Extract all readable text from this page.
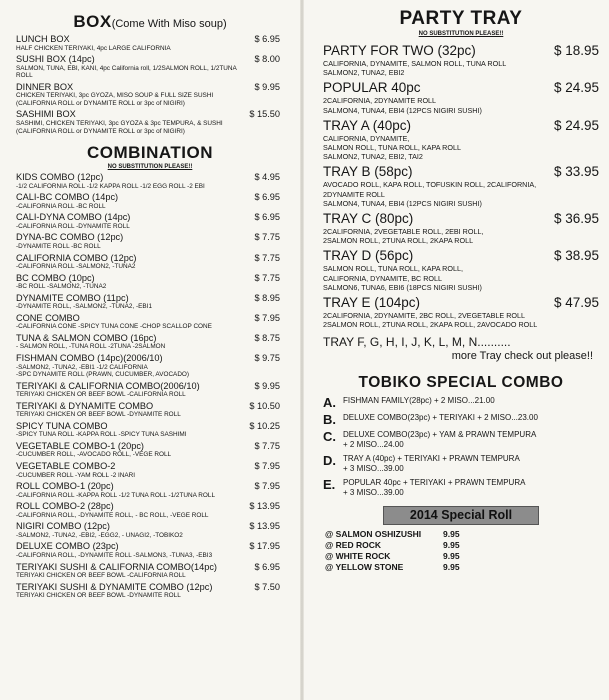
BOX(Come With Miso soup)
LUNCH BOX	$ 6.95
HALF CHICKEN TERIYAKI, 4pc LARGE CALIFORNIA
SUSHI BOX (14pc)	$ 8.00
SALMON, TUNA, EBI, KANI, 4pc California roll, 1/2SALMON ROLL, 1/2TUNA
ROLL
DINNER BOX	$ 9.95
CHICKEN TERIYAKI, 3pc GYOZA, MISO SOUP & FULL SIZE SUSHI
(CALIFORNIA ROLL or DYNAMITE ROLL or 3pc of NIGIRI)
SASHIMI BOX	$ 15.50
SASHIMI, CHICKEN TERIYAKI, 3pc GYOZA & 3pc TEMPURA, & SUSHI
(CALIFORNIA ROLL or DYNAMITE ROLL or 3pc of NIGIRI)
COMBINATION
NO SUBSTITUTION PLEASE!!
KIDS COMBO (12pc)	$ 4.95
-1/2 CALIFORNIA ROLL -1/2 KAPPA ROLL -1/2 EGG ROLL -2 EBI
CALI-BC COMBO (14pc)	$ 6.95
-CALIFORNIA ROLL -BC ROLL
CALI-DYNA COMBO (14pc)	$ 6.95
-CALIFORNIA ROLL -DYNAMITE ROLL
DYNA-BC COMBO (12pc)	$ 7.75
-DYNAMITE ROLL -BC ROLL
CALIFORNIA COMBO (12pc)	$ 7.75
-CALIFORNIA ROLL -SALMON2, -TUNA2
BC COMBO (10pc)	$ 7.75
-BC ROLL -SALMON2, -TUNA2
DYNAMITE COMBO (11pc)	$ 8.95
-DYNAMITE ROLL, -SALMON2, -TUNA2, -EBI1
CONE COMBO	$ 7.95
-CALIFORNIA CONE -SPICY TUNA CONE -CHOP SCALLOP CONE
TUNA & SALMON COMBO (16pc)	$ 8.75
- SALMON ROLL, -TUNA ROLL -2TUNA -2SALMON
FISHMAN COMBO (14pc)(2006/10)	$ 9.75
-SALMON2, -TUNA2, -EBI1 -1/2 CALIFORNIA
-SPC DYNAMITE ROLL (PRAWN, CUCUMBER, AVOCADO)
TERIYAKI & CALIFORNIA COMBO(2006/10)	$ 9.95
TERIYAKI CHICKEN OR BEEF BOWL -CALIFORNIA ROLL
TERIYAKI & DYNAMITE COMBO	$ 10.50
TERIYAKI CHICKEN OR BEEF BOWL -DYNAMITE ROLL
SPICY TUNA COMBO	$ 10.25
-SPICY TUNA ROLL -KAPPA ROLL -SPICY TUNA SASHIMI
VEGETABLE COMBO-1 (20pc)	$ 7.75
-CUCUMBER ROLL, -AVOCADO ROLL, -VEGE ROLL
VEGETABLE COMBO-2	$ 7.95
-CUCUMBER ROLL -YAM ROLL -2 INARI
ROLL COMBO-1 (20pc)	$ 7.95
-CALIFORNIA ROLL -KAPPA ROLL -1/2 TUNA ROLL -1/2TUNA ROLL
ROLL COMBO-2 (28pc)	$ 13.95
-CALIFORNIA ROLL, -DYNAMITE ROLL, - BC ROLL, -VEGE ROLL
NIGIRI COMBO (12pc)	$ 13.95
-SALMON2, -TUNA2, -EBI2, -EGG2, - UNAGI2, -TOBIKO2
DELUXE COMBO (23pc)	$ 17.95
-CALIFORNIA ROLL, -DYNAMITE ROLL -SALMON3, -TUNA3, -EBI3
TERIYAKI SUSHI & CALIFORNIA COMBO(14pc)	$ 6.95
TERIYAKI CHICKEN OR BEEF BOWL -CALIFORNIA ROLL
TERIYAKI SUSHI & DYNAMITE COMBO (12pc)	$ 7.50
TERIYAKI CHICKEN OR BEEF BOWL -DYNAMITE ROLL
PARTY TRAY
NO SUBSTITUTION PLEASE!!
PARTY FOR TWO (32pc)	$ 18.95
CALIFORNIA, DYNAMITE, SALMON ROLL, TUNA ROLL
SALMON2, TUNA2, EBI2
POPULAR 40pc	$ 24.95
2CALIFORNIA, 2DYNAMITE ROLL
SALMON4, TUNA4, EBI4 (12PCS NIGIRI SUSHI)
TRAY A (40pc)	$ 24.95
CALIFORNIA, DYNAMITE,
SALMON ROLL, TUNA ROLL, KAPA ROLL
SALMON2, TUNA2, EBI2, TAI2
TRAY B (58pc)	$ 33.95
AVOCADO ROLL, KAPA ROLL, TOFUSKIN ROLL, 2CALIFORNIA,
2DYNAMITE ROLL
SALMON4, TUNA4, EBI4 (12PCS NIGIRI SUSHI)
TRAY C (80pc)	$ 36.95
2CALIFORNIA, 2VEGETABLE ROLL, 2EBI ROLL,
2SALMON ROLL, 2TUNA ROLL, 2KAPA ROLL
TRAY D (56pc)	$ 38.95
SALMON ROLL, TUNA ROLL, KAPA ROLL,
CALIFORNIA, DYNAMITE, BC ROLL
SALMON6, TUNA6, EBI6 (18PCS NIGIRI SUSHI)
TRAY E (104pc)	$ 47.95
2CALIFORNIA, 2DYNAMITE, 2BC ROLL, 2VEGETABLE ROLL
2SALMON ROLL, 2TUNA ROLL, 2KAPA ROLL, 2AVOCADO ROLL
TRAY F, G, H, I, J, K, L, M, N..........
more Tray check out please!!
TOBIKO SPECIAL COMBO
A. FISHMAN FAMILY(28pc) + 2 MISO...21.00
B. DELUXE COMBO(23pc) + TERIYAKI + 2 MISO...23.00
C. DELUXE COMBO(23pc) + YAM & PRAWN TEMPURA
+ 2 MISO...24.00
D. TRAY A (40pc) + TERIYAKI + PRAWN TEMPURA
+ 3 MISO...39.00
E. POPULAR 40pc + TERIYAKI + PRAWN TEMPURA
+ 3 MISO...39.00
2014 Special Roll
@ SALMON OSHIZUSHI	9.95
@ RED ROCK	9.95
@ WHITE ROCK	9.95
@ YELLOW STONE	9.95
